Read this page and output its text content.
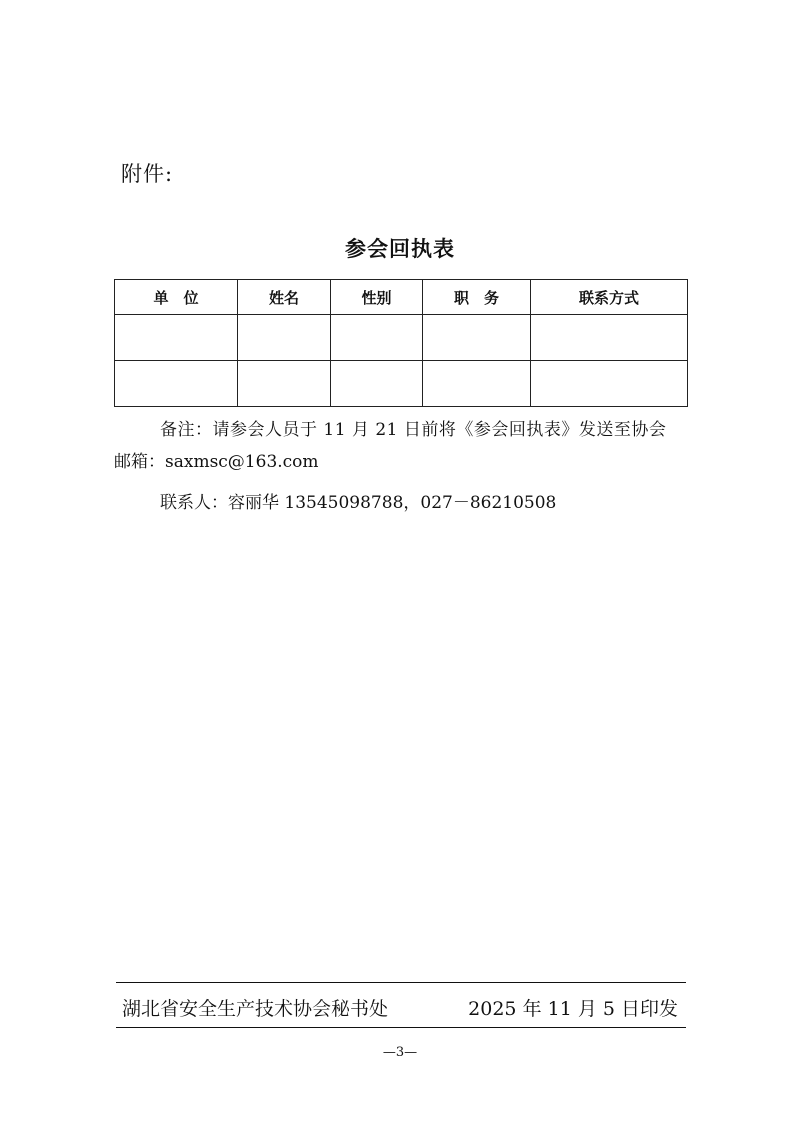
附件:
参会回执表
单　位	姓名	性别	职　务	联系方式

备注：请参会人员于 11 月 21 日前将《参会回执表》发送至协会
邮箱：saxmsc@163.com
联系人：容丽华 13545098788，027－86210508
湖北省安全生产技术协会秘书处	2025 年 11 月 5 日印发
—3—
